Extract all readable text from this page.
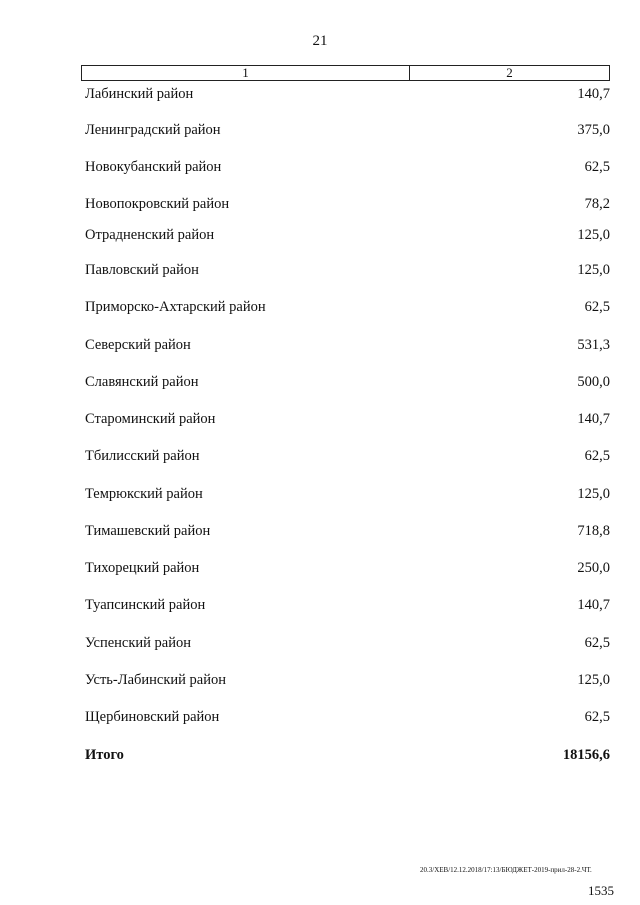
21
1	2
Лабинский район	140,7
Ленинградский район	375,0
Новокубанский район	62,5
Новопокровский район	78,2
Отрадненский район	125,0
Павловский район	125,0
Приморско-Ахтарский район	62,5
Северский район	531,3
Славянский район	500,0
Староминский район	140,7
Тбилисский район	62,5
Темрюкский район	125,0
Тимашевский район	718,8
Тихорецкий район	250,0
Туапсинский район	140,7
Успенский район	62,5
Усть-Лабинский район	125,0
Щербиновский район	62,5
Итого	18156,6
20.3/XEB/12.12.2018/17:13/БЮДЖЕТ-2019-прил-28-2.ЧТ.
1535
